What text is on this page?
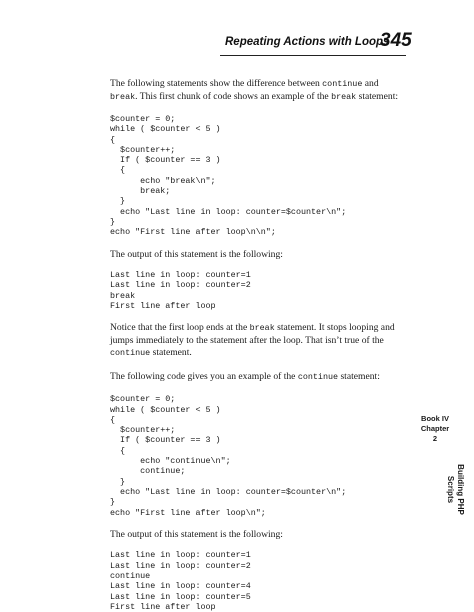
Repeating Actions with Loops
345

The following statements show the difference between continue and
break. This first chunk of code shows an example of the break statement:

$counter = 0;
while ( $counter < 5 )
{
$counter++;
If ( $counter == 3 )
{
echo "break\n";
break;
}
echo "Last line in loop: counter=$counter\n";
}
echo "First line after loop\n\n";

The output of this statement is the following:

Last line in loop: counter=1
Last line in loop: counter=2
break
First line after loop

Notice that the first loop ends at the break statement. It stops looping and jumps immediately to the statement after the loop. That isn’t true of the continue statement.

The following code gives you an example of the continue statement:

$counter = 0;
while ( $counter < 5 )
{
$counter++;
If ( $counter == 3 )
{
echo "continue\n";
continue;
}
echo "Last line in loop: counter=$counter\n";
}
echo "First line after loop\n";

The output of this statement is the following:

Last line in loop: counter=1
Last line in loop: counter=2
continue
Last line in loop: counter=4
Last line in loop: counter=5
First line after loop
Book IV
Chapter 2
Building PHP
Scripts
